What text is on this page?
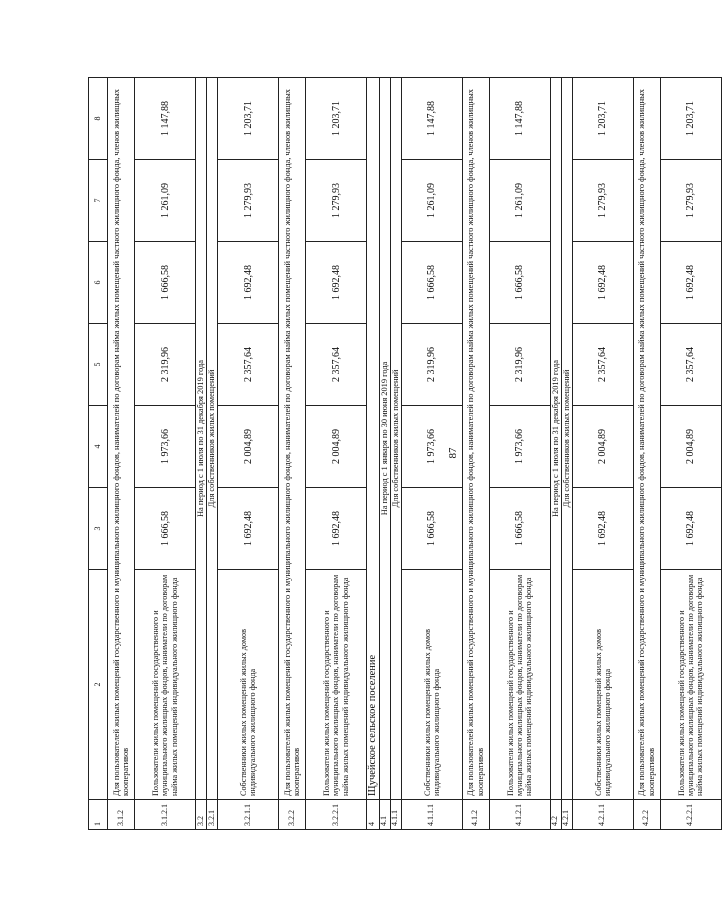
87
1	2	3	4	5	6	7	8
3.1.2	Для пользователей жилых помещений государственного и муниципального жилищного фондов, нанимателей по договорам найма жилых помещений частного жилищного фонда, членов жилищных кооперативов						
3.1.2.1	Пользователи жилых помещений государственного и муниципального жилищных фондов, наниматели по договорам найма жилых помещений индивидуального жилищного фонда	1 666,58	1 973,66	2 319,96	1 666,58	1 261,09	1 147,88
3.2	На период с 1 июля по 31 декабря 2019 года						
3.2.1	Для собственников жилых помещений						
3.2.1.1	Собственники жилых помещений жилых домов индивидуального жилищного фонда	1 692,48	2 004,89	2 357,64	1 692,48	1 279,93	1 203,71
3.2.2	Для пользователей жилых помещений государственного и муниципального жилищного фондов, нанимателей по договорам найма жилых помещений частного жилищного фонда, членов жилищных кооперативов						
3.2.2.1	Пользователи жилых помещений государственного и муниципального жилищных фондов, наниматели по договорам найма жилых помещений индивидуального жилищного фонда	1 692,48	2 004,89	2 357,64	1 692,48	1 279,93	1 203,71
4	Щучейское сельское поселение						
4.1	На период с 1 января по 30 июня 2019 года						
4.1.1	Для собственников жилых помещений						
4.1.1.1	Собственники жилых помещений жилых домов индивидуального жилищного фонда	1 666,58	1 973,66	2 319,96	1 666,58	1 261,09	1 147,88
4.1.2	Для пользователей жилых помещений государственного и муниципального жилищного фондов, нанимателей по договорам найма жилых помещений частного жилищного фонда, членов жилищных кооперативов						
4.1.2.1	Пользователи жилых помещений государственного и муниципального жилищных фондов, наниматели по договорам найма жилых помещений индивидуального жилищного фонда	1 666,58	1 973,66	2 319,96	1 666,58	1 261,09	1 147,88
4.2	На период с 1 июля по 31 декабря 2019 года						
4.2.1	Для собственников жилых помещений						
4.2.1.1	Собственники жилых помещений жилых домов индивидуального жилищного фонда	1 692,48	2 004,89	2 357,64	1 692,48	1 279,93	1 203,71
4.2.2	Для пользователей жилых помещений государственного и муниципального жилищного фондов, нанимателей по договорам найма жилых помещений частного жилищного фонда, членов жилищных кооперативов						
4.2.2.1	Пользователи жилых помещений государственного и муниципального жилищных фондов, наниматели по договорам найма жилых помещений индивидуального жилищного фонда	1 692,48	2 004,89	2 357,64	1 692,48	1 279,93	1 203,71
